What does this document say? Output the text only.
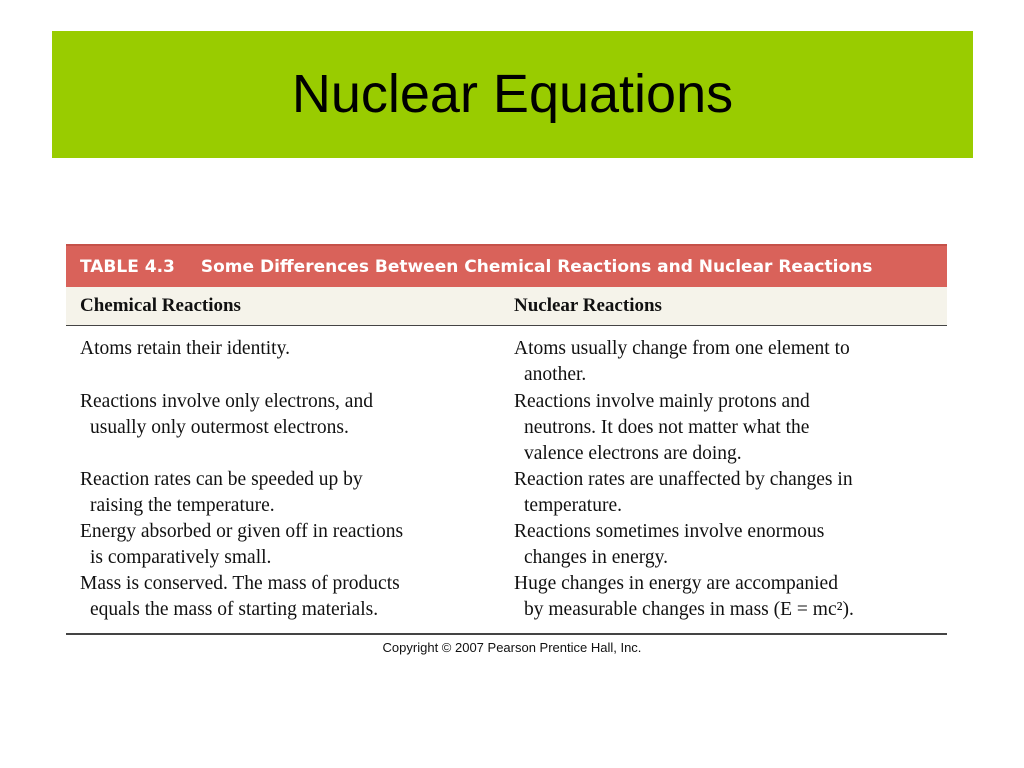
Nuclear Equations
TABLE 4.3 Some Differences Between Chemical Reactions and Nuclear Reactions
Chemical Reactions	Nuclear Reactions
Atoms retain their identity.	Atoms usually change from one element to
another.
Reactions involve only electrons, and
usually only outermost electrons.
Reactions involve mainly protons and
neutrons. It does not matter what the
valence electrons are doing.
Reaction rates can be speeded up by
raising the temperature.
Reaction rates are unaffected by changes in
temperature.
Energy absorbed or given off in reactions
is comparatively small.
Reactions sometimes involve enormous
changes in energy.
Mass is conserved. The mass of products
equals the mass of starting materials.
Huge changes in energy are accompanied
by measurable changes in mass (E = mc²).
Copyright © 2007 Pearson Prentice Hall, Inc.
